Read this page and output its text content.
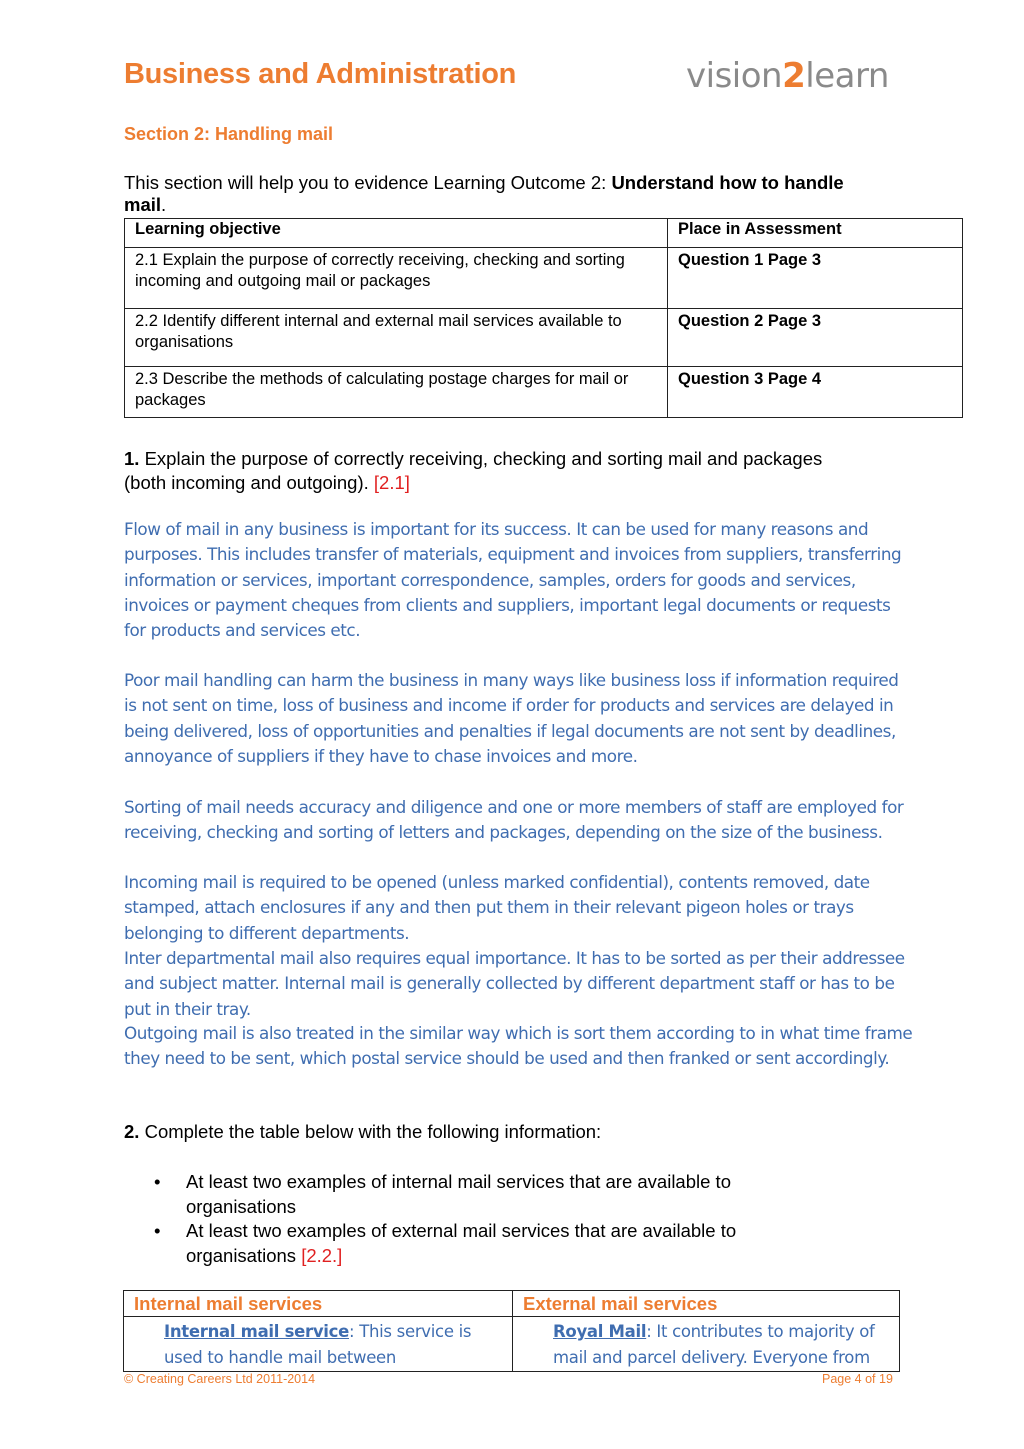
Business and Administration	vision2learn
Section 2: Handling mail
This section will help you to evidence Learning Outcome 2: Understand how to handle mail.
Learning objective	Place in Assessment
2.1 Explain the purpose of correctly receiving, checking and sorting incoming and outgoing mail or packages	Question 1 Page 3
2.2 Identify different internal and external mail services available to organisations	Question 2 Page 3
2.3 Describe the methods of calculating postage charges for mail or packages	Question 3 Page 4
1. Explain the purpose of correctly receiving, checking and sorting mail and packages (both incoming and outgoing). [2.1]
Flow of mail in any business is important for its success. It can be used for many reasons and purposes. This includes transfer of materials, equipment and invoices from suppliers, transferring information or services, important correspondence, samples, orders for goods and services, invoices or payment cheques from clients and suppliers, important legal documents or requests for products and services etc.
Poor mail handling can harm the business in many ways like business loss if information required is not sent on time, loss of business and income if order for products and services are delayed in being delivered, loss of opportunities and penalties if legal documents are not sent by deadlines, annoyance of suppliers if they have to chase invoices and more.
Sorting of mail needs accuracy and diligence and one or more members of staff are employed for receiving, checking and sorting of letters and packages, depending on the size of the business.
Incoming mail is required to be opened (unless marked confidential), contents removed, date stamped, attach enclosures if any and then put them in their relevant pigeon holes or trays belonging to different departments.
Inter departmental mail also requires equal importance. It has to be sorted as per their addressee and subject matter. Internal mail is generally collected by different department staff or has to be put in their tray.
Outgoing mail is also treated in the similar way which is sort them according to in what time frame they need to be sent, which postal service should be used and then franked or sent accordingly.
2. Complete the table below with the following information:
• At least two examples of internal mail services that are available to organisations
• At least two examples of external mail services that are available to organisations [2.2.]
Internal mail services	External mail services
Internal mail service: This service is used to handle mail between	Royal Mail: It contributes to majority of mail and parcel delivery. Everyone from
© Creating Careers Ltd 2011-2014	Page 4 of 19
